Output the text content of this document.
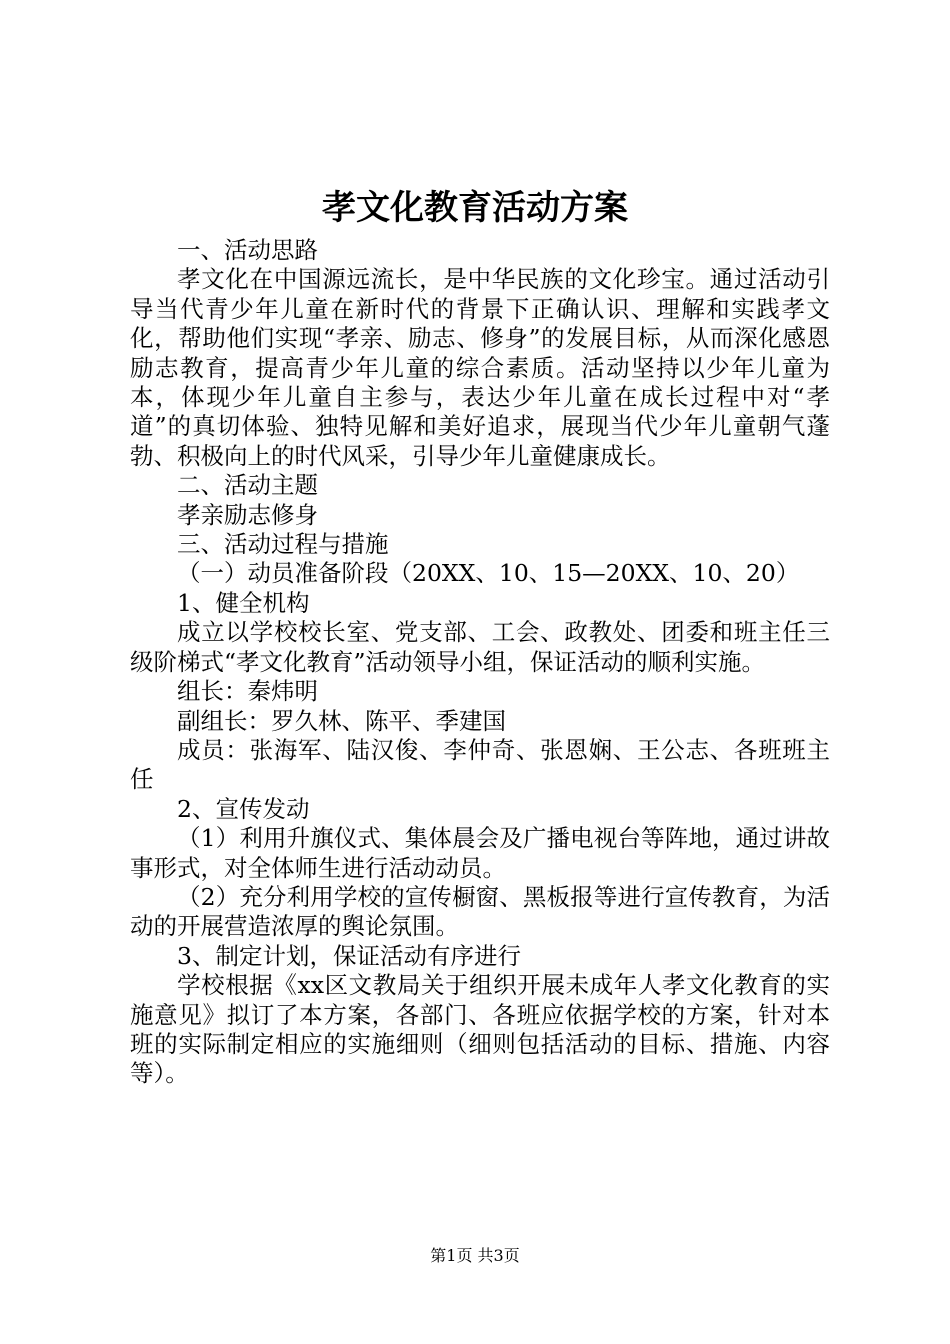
孝文化教育活动方案

一、活动思路

孝文化在中国源远流长，是中华民族的文化珍宝。通过活动引导当代青少年儿童在新时代的背景下正确认识、理解和实践孝文化，帮助他们实现“孝亲、励志、修身”的发展目标，从而深化感恩励志教育，提高青少年儿童的综合素质。活动坚持以少年儿童为本，体现少年儿童自主参与，表达少年儿童在成长过程中对“孝道”的真切体验、独特见解和美好追求，展现当代少年儿童朝气蓬勃、积极向上的时代风采，引导少年儿童健康成长。

二、活动主题

孝亲励志修身

三、活动过程与措施

（一）动员准备阶段（20XX、10、15—20XX、10、20）

1、健全机构

成立以学校校长室、党支部、工会、政教处、团委和班主任三级阶梯式“孝文化教育”活动领导小组，保证活动的顺利实施。

组长：秦炜明

副组长：罗久林、陈平、季建国

成员：张海军、陆汉俊、李仲奇、张恩娴、王公志、各班班主任

2、宣传发动

（1）利用升旗仪式、集体晨会及广播电视台等阵地，通过讲故事形式，对全体师生进行活动动员。

（2）充分利用学校的宣传橱窗、黑板报等进行宣传教育，为活动的开展营造浓厚的舆论氛围。

3、制定计划，保证活动有序进行

学校根据《xx区文教局关于组织开展未成年人孝文化教育的实施意见》拟订了本方案，各部门、各班应依据学校的方案，针对本班的实际制定相应的实施细则（细则包括活动的目标、措施、内容等）。

第1页 共3页
